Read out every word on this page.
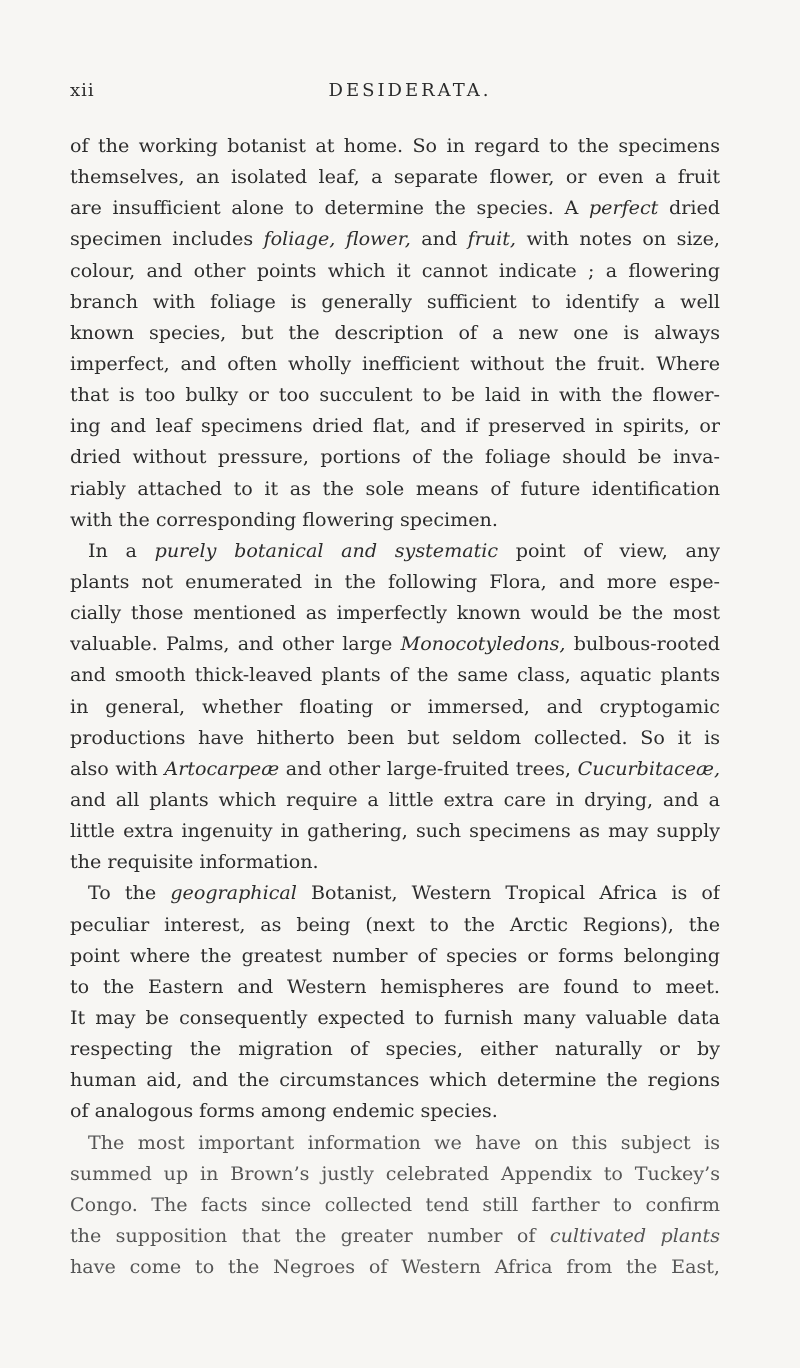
xii	DESIDERATA.
of the working botanist at home. So in regard to the specimens
themselves, an isolated leaf, a separate flower, or even a fruit
are insufficient alone to determine the species. A perfect dried
specimen includes foliage, flower, and fruit, with notes on size,
colour, and other points which it cannot indicate ; a flowering
branch with foliage is generally sufficient to identify a well
known species, but the description of a new one is always
imperfect, and often wholly inefficient without the fruit. Where
that is too bulky or too succulent to be laid in with the flower-
ing and leaf specimens dried flat, and if preserved in spirits, or
dried without pressure, portions of the foliage should be inva-
riably attached to it as the sole means of future identification
with the corresponding flowering specimen.
In a purely botanical and systematic point of view, any
plants not enumerated in the following Flora, and more espe-
cially those mentioned as imperfectly known would be the most
valuable. Palms, and other large Monocotyledons, bulbous-rooted
and smooth thick-leaved plants of the same class, aquatic plants
in general, whether floating or immersed, and cryptogamic
productions have hitherto been but seldom collected. So it is
also with Artocarpeæ and other large-fruited trees, Cucurbitaceæ,
and all plants which require a little extra care in drying, and a
little extra ingenuity in gathering, such specimens as may supply
the requisite information.
To the geographical Botanist, Western Tropical Africa is of
peculiar interest, as being (next to the Arctic Regions), the
point where the greatest number of species or forms belonging
to the Eastern and Western hemispheres are found to meet.
It may be consequently expected to furnish many valuable data
respecting the migration of species, either naturally or by
human aid, and the circumstances which determine the regions
of analogous forms among endemic species.
The most important information we have on this subject is
summed up in Brown’s justly celebrated Appendix to Tuckey’s
Congo. The facts since collected tend still farther to confirm
the supposition that the greater number of cultivated plants
have come to the Negroes of Western Africa from the East,
